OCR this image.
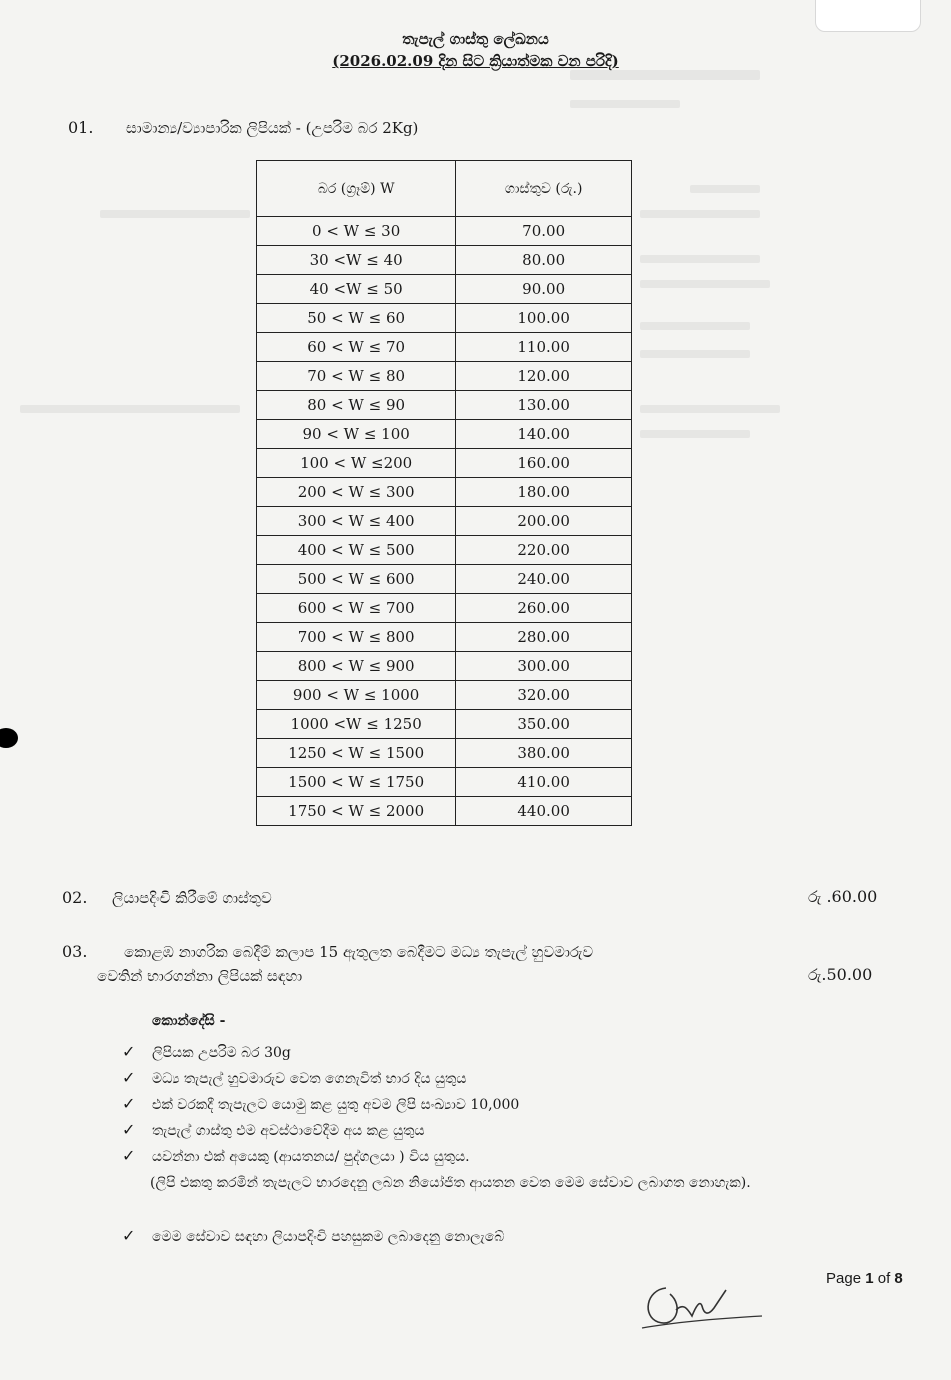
තැපැල් ගාස්තු ලේඛනය
(2026.02.09 දින සිට ක්‍රියාත්මක වන පරිදි)
01. සාමාන්‍ය/ව්‍යාපාරික ලිපියක් - (උපරිම බර 2Kg)
බර (ග්‍රෑම්) W	ගාස්තුව (රු.)
0 < W ≤ 30	70.00
30 <W ≤ 40	80.00
40 <W ≤ 50	90.00
50 < W ≤ 60	100.00
60 < W ≤ 70	110.00
70 < W ≤ 80	120.00
80 < W ≤ 90	130.00
90 < W ≤ 100	140.00
100 < W ≤200	160.00
200 < W ≤ 300	180.00
300 < W ≤ 400	200.00
400 < W ≤ 500	220.00
500 < W ≤ 600	240.00
600 < W ≤ 700	260.00
700 < W ≤ 800	280.00
800 < W ≤ 900	300.00
900 < W ≤ 1000	320.00
1000 <W ≤ 1250	350.00
1250 < W ≤ 1500	380.00
1500 < W ≤ 1750	410.00
1750 < W ≤ 2000	440.00
02. ලියාපදිංචි කිරීමේ ගාස්තුව	රු .60.00
03. කොළඹ නාගරික බෙදීම් කලාප 15 ඇතුලත බෙදීමට මධ්‍ය තැපැල් හුවමාරුව
වෙතින් භාරගන්නා ලිපියක් සඳහා	රු.50.00
කොන්දේසි -
✓ ලිපියක උපරිම බර 30g
✓ මධ්‍ය තැපැල් හුවමාරුව වෙත ගෙනැවිත් භාර දිය යුතුය
✓ එක් වරකදී තැපැලට යොමු කළ යුතු අවම ලිපි සංඛ්‍යාව 10,000
✓ තැපැල් ගාස්තු එම අවස්ථාවේදීම අය කළ යුතුය
✓ යවන්නා එක් අයෙකු (ආයතනය/ පුද්ගලයා ) විය යුතුය.
(ලිපි එකතු කරමින් තැපැලට භාරදෙනු ලබන නියෝජිත ආයතන වෙත මෙම සේවාව ලබාගත නොහැක).
✓ මෙම සේවාව සඳහා ලියාපදිංචි පහසුකම ලබාදෙනු නොලැබේ
Page 1 of 8
